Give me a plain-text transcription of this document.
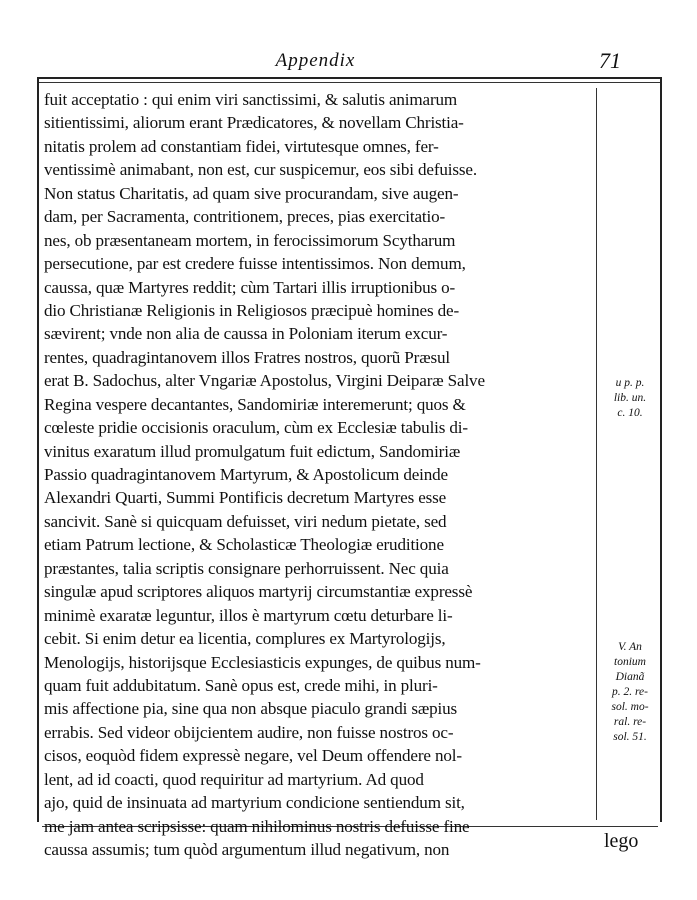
Appendix	71
fuit acceptatio : qui enim viri sanctissimi, & salutis animarum
sitientissimi, aliorum erant Prædicatores, & novellam Christia-
nitatis prolem ad constantiam fidei, virtutesque omnes, fer-
ventissimè animabant, non est, cur suspicemur, eos sibi defuisse.
Non status Charitatis, ad quam sive procurandam, sive augen-
dam, per Sacramenta, contritionem, preces, pias exercitatio-
nes, ob præsentaneam mortem, in ferocissimorum Scytharum
persecutione, par est credere fuisse intentissimos. Non demum,
caussa, quæ Martyres reddit; cùm Tartari illis irruptionibus o-
dio Christianæ Religionis in Religiosos præcipuè homines de-
sævirent; vnde non alia de caussa in Poloniam iterum excur-
rentes, quadragintanovem illos Fratres nostros, quorũ Præsul
erat B. Sadochus, alter Vngariæ Apostolus, Virgini Deiparæ Salve
Regina vespere decantantes, Sandomiriæ interemerunt; quos &
cœleste pridie occisionis oraculum, cùm ex Ecclesiæ tabulis di-
vinitus exaratum illud promulgatum fuit edictum, Sandomiriæ
Passio quadragintanovem Martyrum, & Apostolicum deinde
Alexandri Quarti, Summi Pontificis decretum Martyres esse
sancivit. Sanè si quicquam defuisset, viri nedum pietate, sed
etiam Patrum lectione, & Scholasticæ Theologiæ eruditione
præstantes, talia scriptis consignare perhorruissent. Nec quia
singulæ apud scriptores aliquos martyrij circumstantiæ expressè
minimè exaratæ leguntur, illos è martyrum cœtu deturbare li-
cebit. Si enim detur ea licentia, complures ex Martyrologijs,
Menologijs, historijsque Ecclesiasticis expunges, de quibus num-
quam fuit addubitatum. Sanè opus est, crede mihi, in pluri-
mis affectione pia, sine qua non absque piaculo grandi sæpius
errabis. Sed videor obijcientem audire, non fuisse nostros oc-
cisos, eoquòd fidem expressè negare, vel Deum offendere nol-
lent, ad id coacti, quod requiritur ad martyrium. Ad quod
ajo, quid de insinuata ad martyrium condicione sentiendum sit,
me jam antea scripsisse: quam nihilominus nostris defuisse fine
caussa assumis; tum quòd argumentum illud negativum, non
u p. p.
lib. un.
c. 10.
V. An
tonium
Dianã
p. 2. re-
sol. mo-
ral. re-
sol. 51.
lego
